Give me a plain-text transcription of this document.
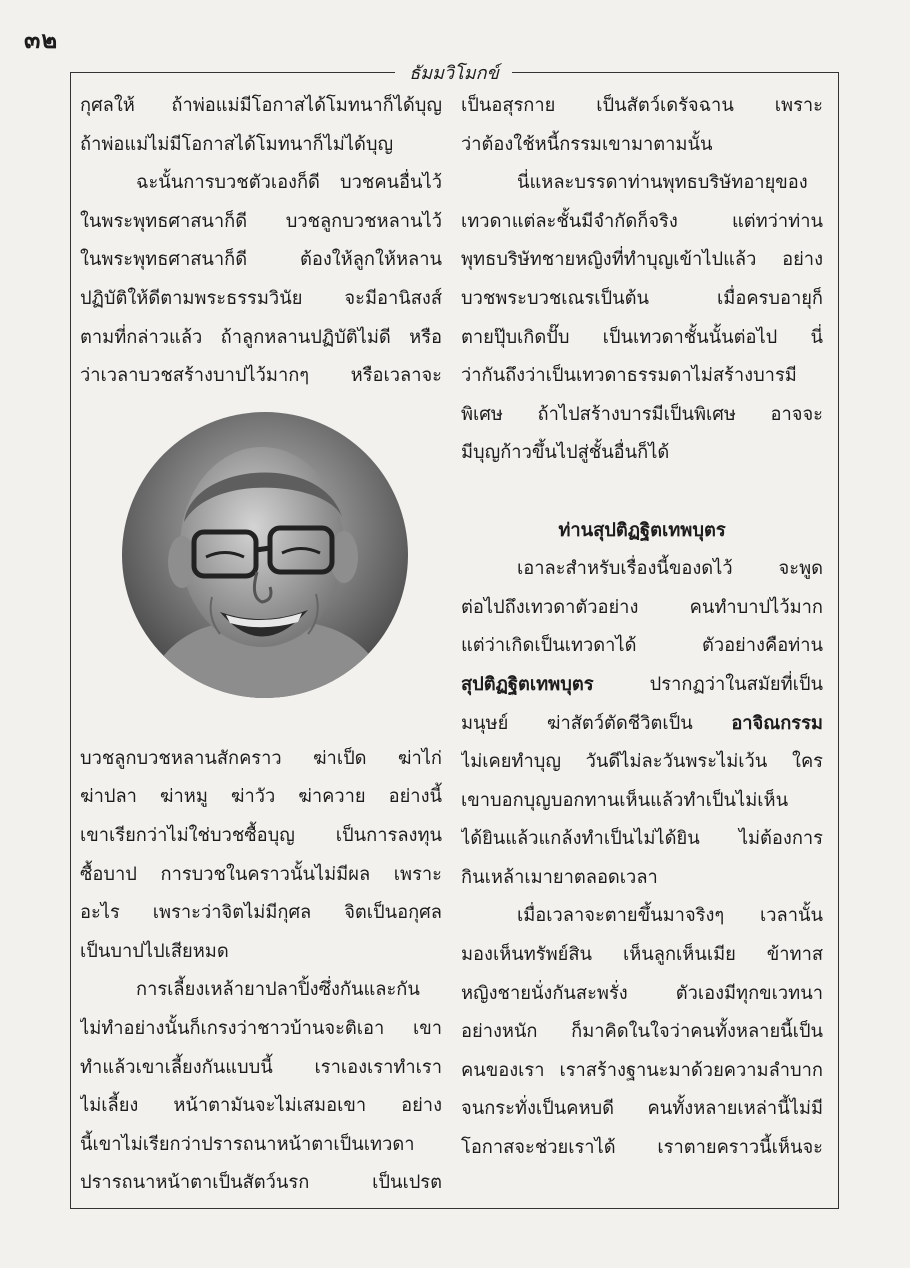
๓๒
ธัมมวิโมกข์
กุศลให้ ถ้าพ่อแม่มีโอกาสได้โมทนาก็ได้บุญ
ถ้าพ่อแม่ไม่มีโอกาสได้โมทนาก็ไม่ได้บุญ
ฉะนั้นการบวชตัวเองก็ดี บวชคนอื่นไว้
ในพระพุทธศาสนาก็ดี บวชลูกบวชหลานไว้
ในพระพุทธศาสนาก็ดี ต้องให้ลูกให้หลาน
ปฏิบัติให้ดีตามพระธรรมวินัย จะมีอานิสงส์
ตามที่กล่าวแล้ว ถ้าลูกหลานปฏิบัติไม่ดี หรือ
ว่าเวลาบวชสร้างบาปไว้มากๆ หรือเวลาจะ
บวชลูกบวชหลานสักคราว ฆ่าเป็ด ฆ่าไก่
ฆ่าปลา ฆ่าหมู ฆ่าวัว ฆ่าควาย อย่างนี้
เขาเรียกว่าไม่ใช่บวชซื้อบุญ เป็นการลงทุน
ซื้อบาป การบวชในคราวนั้นไม่มีผล เพราะ
อะไร เพราะว่าจิตไม่มีกุศล จิตเป็นอกุศล
เป็นบาปไปเสียหมด
การเลี้ยงเหล้ายาปลาปิ้งซึ่งกันและกัน
ไม่ทำอย่างนั้นก็เกรงว่าชาวบ้านจะติเอา เขา
ทำแล้วเขาเลี้ยงกันแบบนี้ เราเองเราทำเรา
ไม่เลี้ยง หน้าตามันจะไม่เสมอเขา อย่าง
นี้เขาไม่เรียกว่าปรารถนาหน้าตาเป็นเทวดา
ปรารถนาหน้าตาเป็นสัตว์นรก เป็นเปรต
เป็นอสุรกาย เป็นสัตว์เดรัจฉาน เพราะ
ว่าต้องใช้หนี้กรรมเขามาตามนั้น
นี่แหละบรรดาท่านพุทธบริษัทอายุของ
เทวดาแต่ละชั้นมีจำกัดก็จริง แต่ทว่าท่าน
พุทธบริษัทชายหญิงที่ทำบุญเข้าไปแล้ว อย่าง
บวชพระบวชเณรเป็นต้น เมื่อครบอายุก็
ตายปุ๊บเกิดปั๊บ เป็นเทวดาชั้นนั้นต่อไป นี่
ว่ากันถึงว่าเป็นเทวดาธรรมดาไม่สร้างบารมี
พิเศษ ถ้าไปสร้างบารมีเป็นพิเศษ อาจจะ
มีบุญก้าวขึ้นไปสู่ชั้นอื่นก็ได้
ท่านสุปติฏฐิตเทพบุตร
เอาละสำหรับเรื่องนี้ของดไว้ จะพูด
ต่อไปถึงเทวดาตัวอย่าง คนทำบาปไว้มาก
แต่ว่าเกิดเป็นเทวดาได้ ตัวอย่างคือท่าน
สุปติฏฐิตเทพบุตร ปรากฏว่าในสมัยที่เป็น
มนุษย์ ฆ่าสัตว์ตัดชีวิตเป็น อาจิณกรรม
ไม่เคยทำบุญ วันดีไม่ละวันพระไม่เว้น ใคร
เขาบอกบุญบอกทานเห็นแล้วทำเป็นไม่เห็น
ได้ยินแล้วแกล้งทำเป็นไม่ได้ยิน ไม่ต้องการ
กินเหล้าเมายาตลอดเวลา
เมื่อเวลาจะตายขึ้นมาจริงๆ เวลานั้น
มองเห็นทรัพย์สิน เห็นลูกเห็นเมีย ข้าทาส
หญิงชายนั่งกันสะพรั่ง ตัวเองมีทุกขเวทนา
อย่างหนัก ก็มาคิดในใจว่าคนทั้งหลายนี้เป็น
คนของเรา เราสร้างฐานะมาด้วยความลำบาก
จนกระทั่งเป็นคหบดี คนทั้งหลายเหล่านี้ไม่มี
โอกาสจะช่วยเราได้ เราตายคราวนี้เห็นจะ
